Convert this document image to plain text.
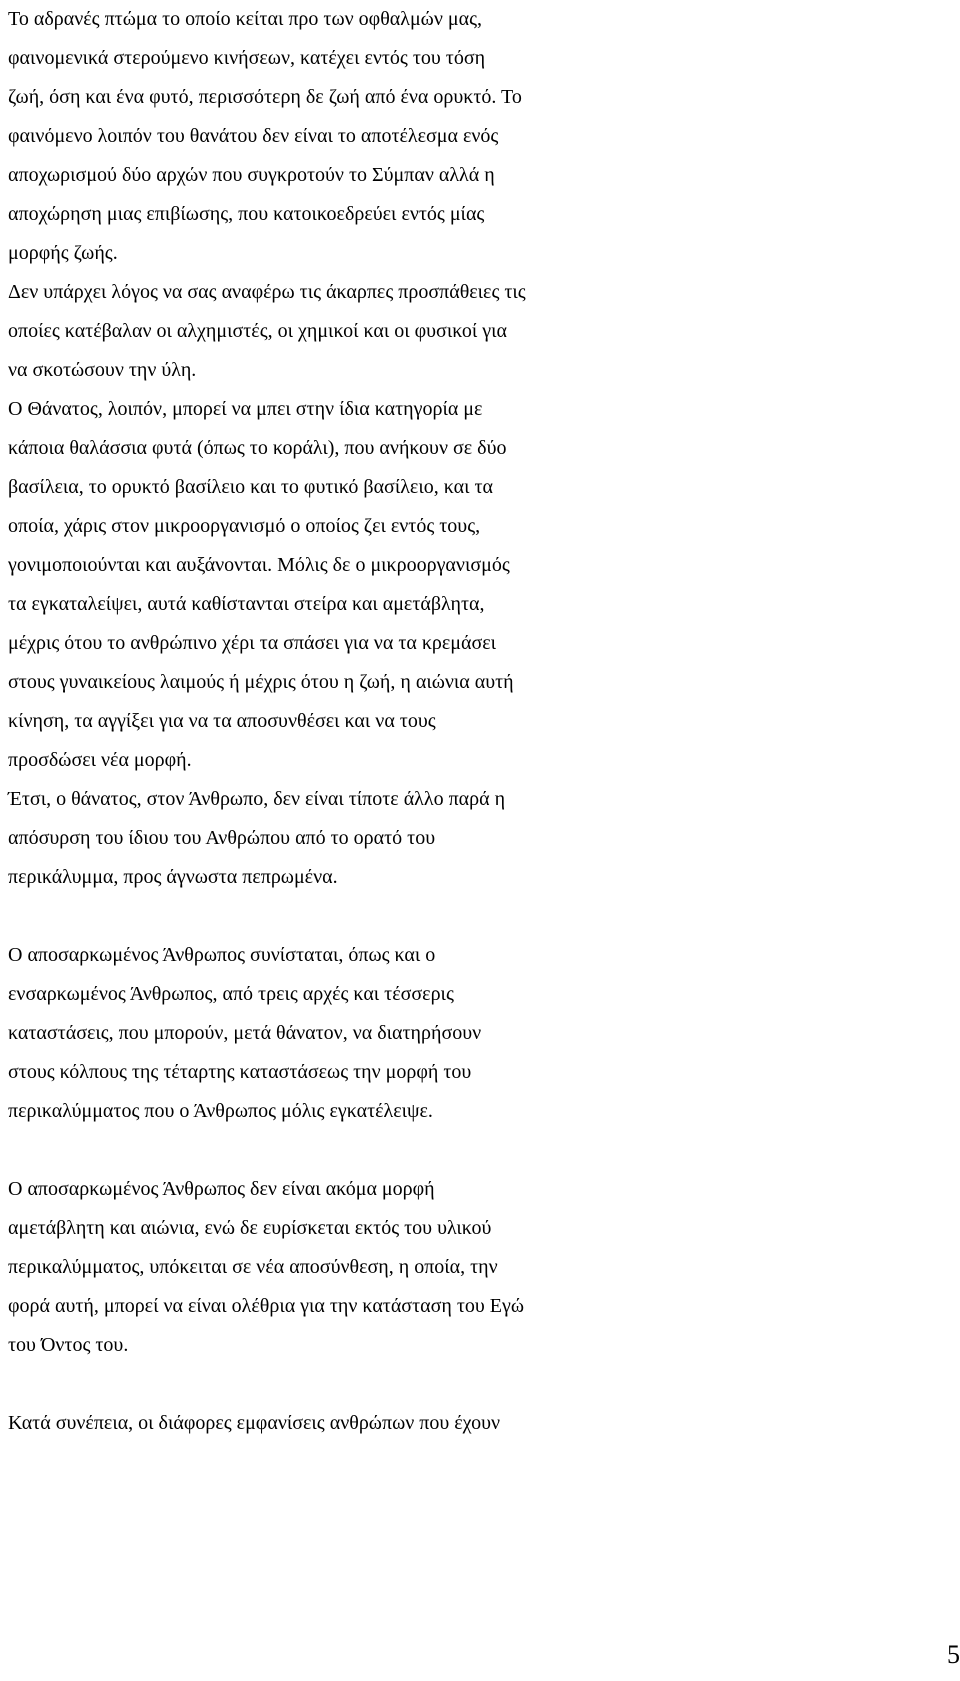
Το αδρανές πτώμα το οποίο κείται προ των οφθαλμών μας,
φαινομενικά στερούμενο κινήσεων, κατέχει εντός του τόση
ζωή, όση και ένα φυτό, περισσότερη δε ζωή από ένα ορυκτό. Το
φαινόμενο λοιπόν του θανάτου δεν είναι το αποτέλεσμα ενός
αποχωρισμού δύο αρχών που συγκροτούν το Σύμπαν αλλά η
αποχώρηση μιας επιβίωσης, που κατοικοεδρεύει εντός μίας
μορφής ζωής.
Δεν υπάρχει λόγος να σας αναφέρω τις άκαρπες προσπάθειες τις
οποίες κατέβαλαν οι αλχημιστές, οι χημικοί και οι φυσικοί για
να σκοτώσουν την ύλη.
Ο Θάνατος, λοιπόν, μπορεί να μπει στην ίδια κατηγορία με
κάποια θαλάσσια φυτά (όπως το κοράλι), που ανήκουν σε δύο
βασίλεια, το ορυκτό βασίλειο και το φυτικό βασίλειο, και τα
οποία, χάρις στον μικροοργανισμό ο οποίος ζει εντός τους,
γονιμοποιούνται και αυξάνονται. Μόλις δε ο μικροοργανισμός
τα εγκαταλείψει, αυτά καθίστανται στείρα και αμετάβλητα,
μέχρις ότου το ανθρώπινο χέρι τα σπάσει για να τα κρεμάσει
στους γυναικείους λαιμούς ή μέχρις ότου η ζωή, η αιώνια αυτή
κίνηση, τα αγγίξει για να τα αποσυνθέσει και να τους
προσδώσει νέα μορφή.
Έτσι, ο θάνατος, στον Άνθρωπο, δεν είναι τίποτε άλλο παρά η
απόσυρση του ίδιου του Ανθρώπου από το ορατό του
περικάλυμμα, προς άγνωστα πεπρωμένα.
Ο αποσαρκωμένος Άνθρωπος συνίσταται, όπως και ο
ενσαρκωμένος Άνθρωπος, από τρεις αρχές και τέσσερις
καταστάσεις, που μπορούν, μετά θάνατον, να διατηρήσουν
στους κόλπους της τέταρτης καταστάσεως την μορφή του
περικαλύμματος που ο Άνθρωπος μόλις εγκατέλειψε.
Ο αποσαρκωμένος Άνθρωπος δεν είναι ακόμα μορφή
αμετάβλητη και αιώνια, ενώ δε ευρίσκεται εκτός του υλικού
περικαλύμματος, υπόκειται σε νέα αποσύνθεση, η οποία, την
φορά αυτή, μπορεί να είναι ολέθρια για την κατάσταση του Εγώ
του Όντος του.
Κατά συνέπεια, οι διάφορες εμφανίσεις ανθρώπων που έχουν
5
